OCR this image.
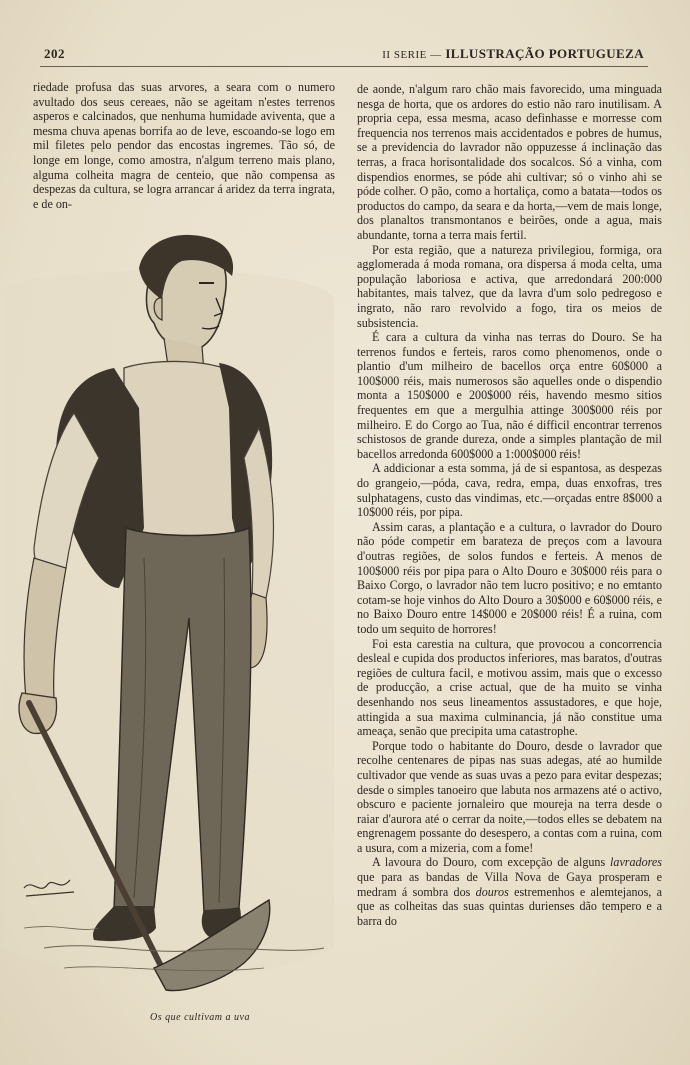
202	II SERIE — ILLUSTRAÇÃO PORTUGUEZA

riedade profusa das suas arvores, a seara com o numero avultado dos seus cereaes, não se ageitam n'estes terrenos asperos e calcinados, que nenhuma humidade aviventa, que a mesma chuva apenas borrifa ao de leve, escoando-se logo em mil filetes pelo pendor das encostas ingremes. Tão só, de longe em longe, como amostra, n'algum terreno mais plano, alguma colheita magra de centeio, que não compensa as despezas da cultura, se logra arrancar á aridez da terra ingrata, e de on-

Os que cultivam a uva

de aonde, n'algum raro chão mais favorecido, uma minguada nesga de horta, que os ardores do estio não raro inutilisam. A propria cepa, essa mesma, acaso definhasse e morresse com frequencia nos terrenos mais accidentados e pobres de humus, se a previdencia do lavrador não oppuzesse á inclinação das terras, a fraca horisontalidade dos socalcos. Só a vinha, com dispendios enormes, se póde ahi cultivar; só o vinho ahi se póde colher. O pão, como a hortaliça, como a batata—todos os productos do campo, da seara e da horta,—vem de mais longe, dos planaltos transmontanos e beirões, onde a agua, mais abundante, torna a terra mais fertil.

Por esta região, que a natureza privilegiou, formiga, ora agglomerada á moda romana, ora dispersa á moda celta, uma população laboriosa e activa, que arredondará 200:000 habitantes, mais talvez, que da lavra d'um solo pedregoso e ingrato, não raro revolvido a fogo, tira os meios de subsistencia.

É cara a cultura da vinha nas terras do Douro. Se ha terrenos fundos e ferteis, raros como phenomenos, onde o plantio d'um milheiro de bacellos orça entre 60$000 a 100$000 réis, mais numerosos são aquelles onde o dispendio monta a 150$000 e 200$000 réis, havendo mesmo sitios frequentes em que a mergulhia attinge 300$000 réis por milheiro. E do Corgo ao Tua, não é difficil encontrar terrenos schistosos de grande dureza, onde a simples plantação de mil bacellos arredonda 600$000 a 1:000$000 réis!

A addicionar a esta somma, já de si espantosa, as despezas do grangeio,—póda, cava, redra, empa, duas enxofras, tres sulphatagens, custo das vindimas, etc.—orçadas entre 8$000 a 10$000 réis, por pipa.

Assim caras, a plantação e a cultura, o lavrador do Douro não póde competir em barateza de preços com a lavoura d'outras regiões, de solos fundos e ferteis. A menos de 100$000 réis por pipa para o Alto Douro e 30$000 réis para o Baixo Corgo, o lavrador não tem lucro positivo; e no emtanto cotam-se hoje vinhos do Alto Douro a 30$000 e 60$000 réis, e no Baixo Douro entre 14$000 e 20$000 réis! É a ruina, com todo um sequito de horrores!

Foi esta carestia na cultura, que provocou a concorrencia desleal e cupida dos productos inferiores, mas baratos, d'outras regiões de cultura facil, e motivou assim, mais que o excesso de producção, a crise actual, que de ha muito se vinha desenhando nos seus lineamentos assustadores, e que hoje, attingida a sua maxima culminancia, já não constitue uma ameaça, senão que precipita uma catastrophe.

Porque todo o habitante do Douro, desde o lavrador que recolhe centenares de pipas nas suas adegas, até ao humilde cultivador que vende as suas uvas a pezo para evitar despezas; desde o simples tanoeiro que labuta nos armazens até o activo, obscuro e paciente jornaleiro que moureja na terra desde o raiar d'aurora até o cerrar da noite,—todos elles se debatem na engrenagem possante do desespero, a contas com a ruina, com a usura, com a mizeria, com a fome!

A lavoura do Douro, com excepção de alguns lavradores que para as bandas de Villa Nova de Gaya prosperam e medram á sombra dos douros estremenhos e alemtejanos, a que as colheitas das suas quintas durienses dão tempero e a barra do
